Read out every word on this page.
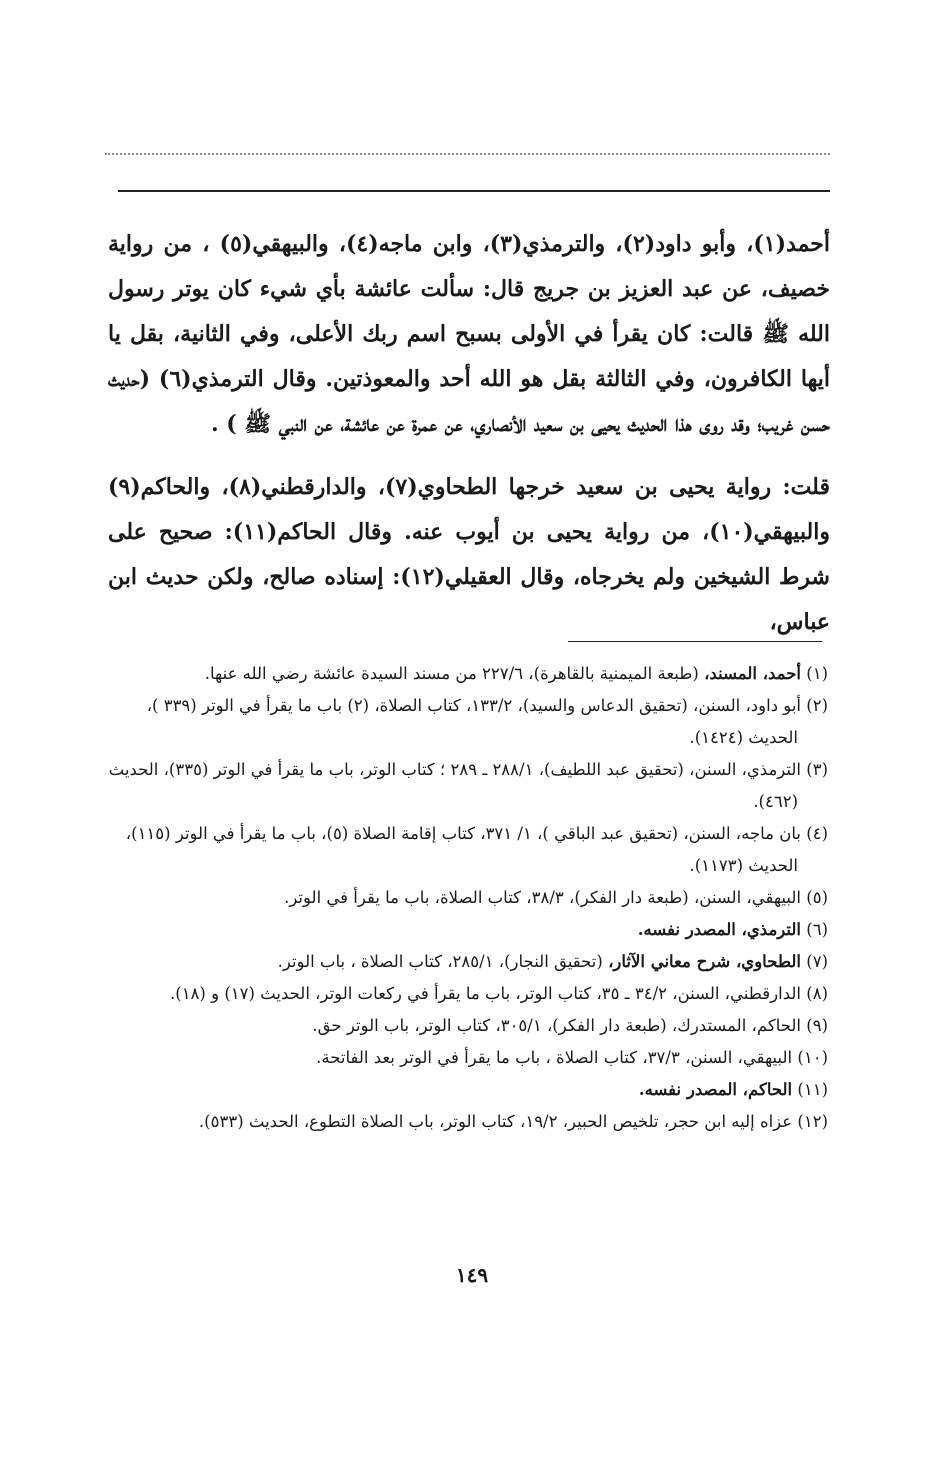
أحمد(١)، وأبو داود(٢)، والترمذي(٣)، وابن ماجه(٤)، والبيهقي(٥) ، من رواية خصيف، عن عبد العزيز بن جريج قال: سألت عائشة بأي شيء كان يوتر رسول الله ﷺ قالت: كان يقرأ في الأولى بسبح اسم ربك الأعلى، وفي الثانية، بقل يا أيها الكافرون، وفي الثالثة بقل هو الله أحد والمعوذتين. وقال الترمذي(٦) (حديث حسن غريب؛ وقد روى هذا الحديث يحيى بن سعيد الأنصاري، عن عمرة عن عائشة، عن النبي ﷺ ) .

قلت: رواية يحيى بن سعيد خرجها الطحاوي(٧)، والدارقطني(٨)، والحاكم(٩) والبيهقي(١٠)، من رواية يحيى بن أيوب عنه. وقال الحاكم(١١): صحيح على شرط الشيخين ولم يخرجاه، وقال العقيلي(١٢): إسناده صالح، ولكن حديث ابن عباس،

(١) أحمد، المسند، (طبعة الميمنية بالقاهرة)، ٢٢٧/٦ من مسند السيدة عائشة رضي الله عنها.

(٢) أبو داود، السنن، (تحقيق الدعاس والسيد)، ١٣٣/٢، كتاب الصلاة، (٢) باب ما يقرأ في الوتر (٣٣٩ )، الحديث (١٤٢٤).

(٣) الترمذي، السنن، (تحقيق عبد اللطيف)، ٢٨٨/١ ـ ٢٨٩ ؛ كتاب الوتر، باب ما يقرأ في الوتر (٣٣٥)، الحديث (٤٦٢).

(٤) بان ماجه، السنن، (تحقيق عبد الباقي )، ١/ ٣٧١، كتاب إقامة الصلاة (٥)، باب ما يقرأ في الوتر (١١٥)، الحديث (١١٧٣).

(٥) البيهقي، السنن، (طبعة دار الفكر)، ٣٨/٣، كتاب الصلاة، باب ما يقرأ في الوتر.

(٦) الترمذي، المصدر نفسه.

(٧) الطحاوي، شرح معاني الآثار، (تحقيق النجار)، ٢٨٥/١، كتاب الصلاة ، باب الوتر.

(٨) الدارقطني، السنن، ٣٤/٢ ـ ٣٥، كتاب الوتر، باب ما يقرأ في ركعات الوتر، الحديث (١٧) و (١٨).

(٩) الحاكم، المستدرك، (طبعة دار الفكر)، ٣٠٥/١، كتاب الوتر، باب الوتر حق.

(١٠) البيهقي، السنن، ٣٧/٣، كتاب الصلاة ، باب ما يقرأ في الوتر بعد الفاتحة.

(١١) الحاكم، المصدر نفسه.

(١٢) عزاه إليه ابن حجر، تلخيص الحبير، ١٩/٢، كتاب الوتر، باب الصلاة التطوع، الحديث (٥٣٣).

١٤٩
